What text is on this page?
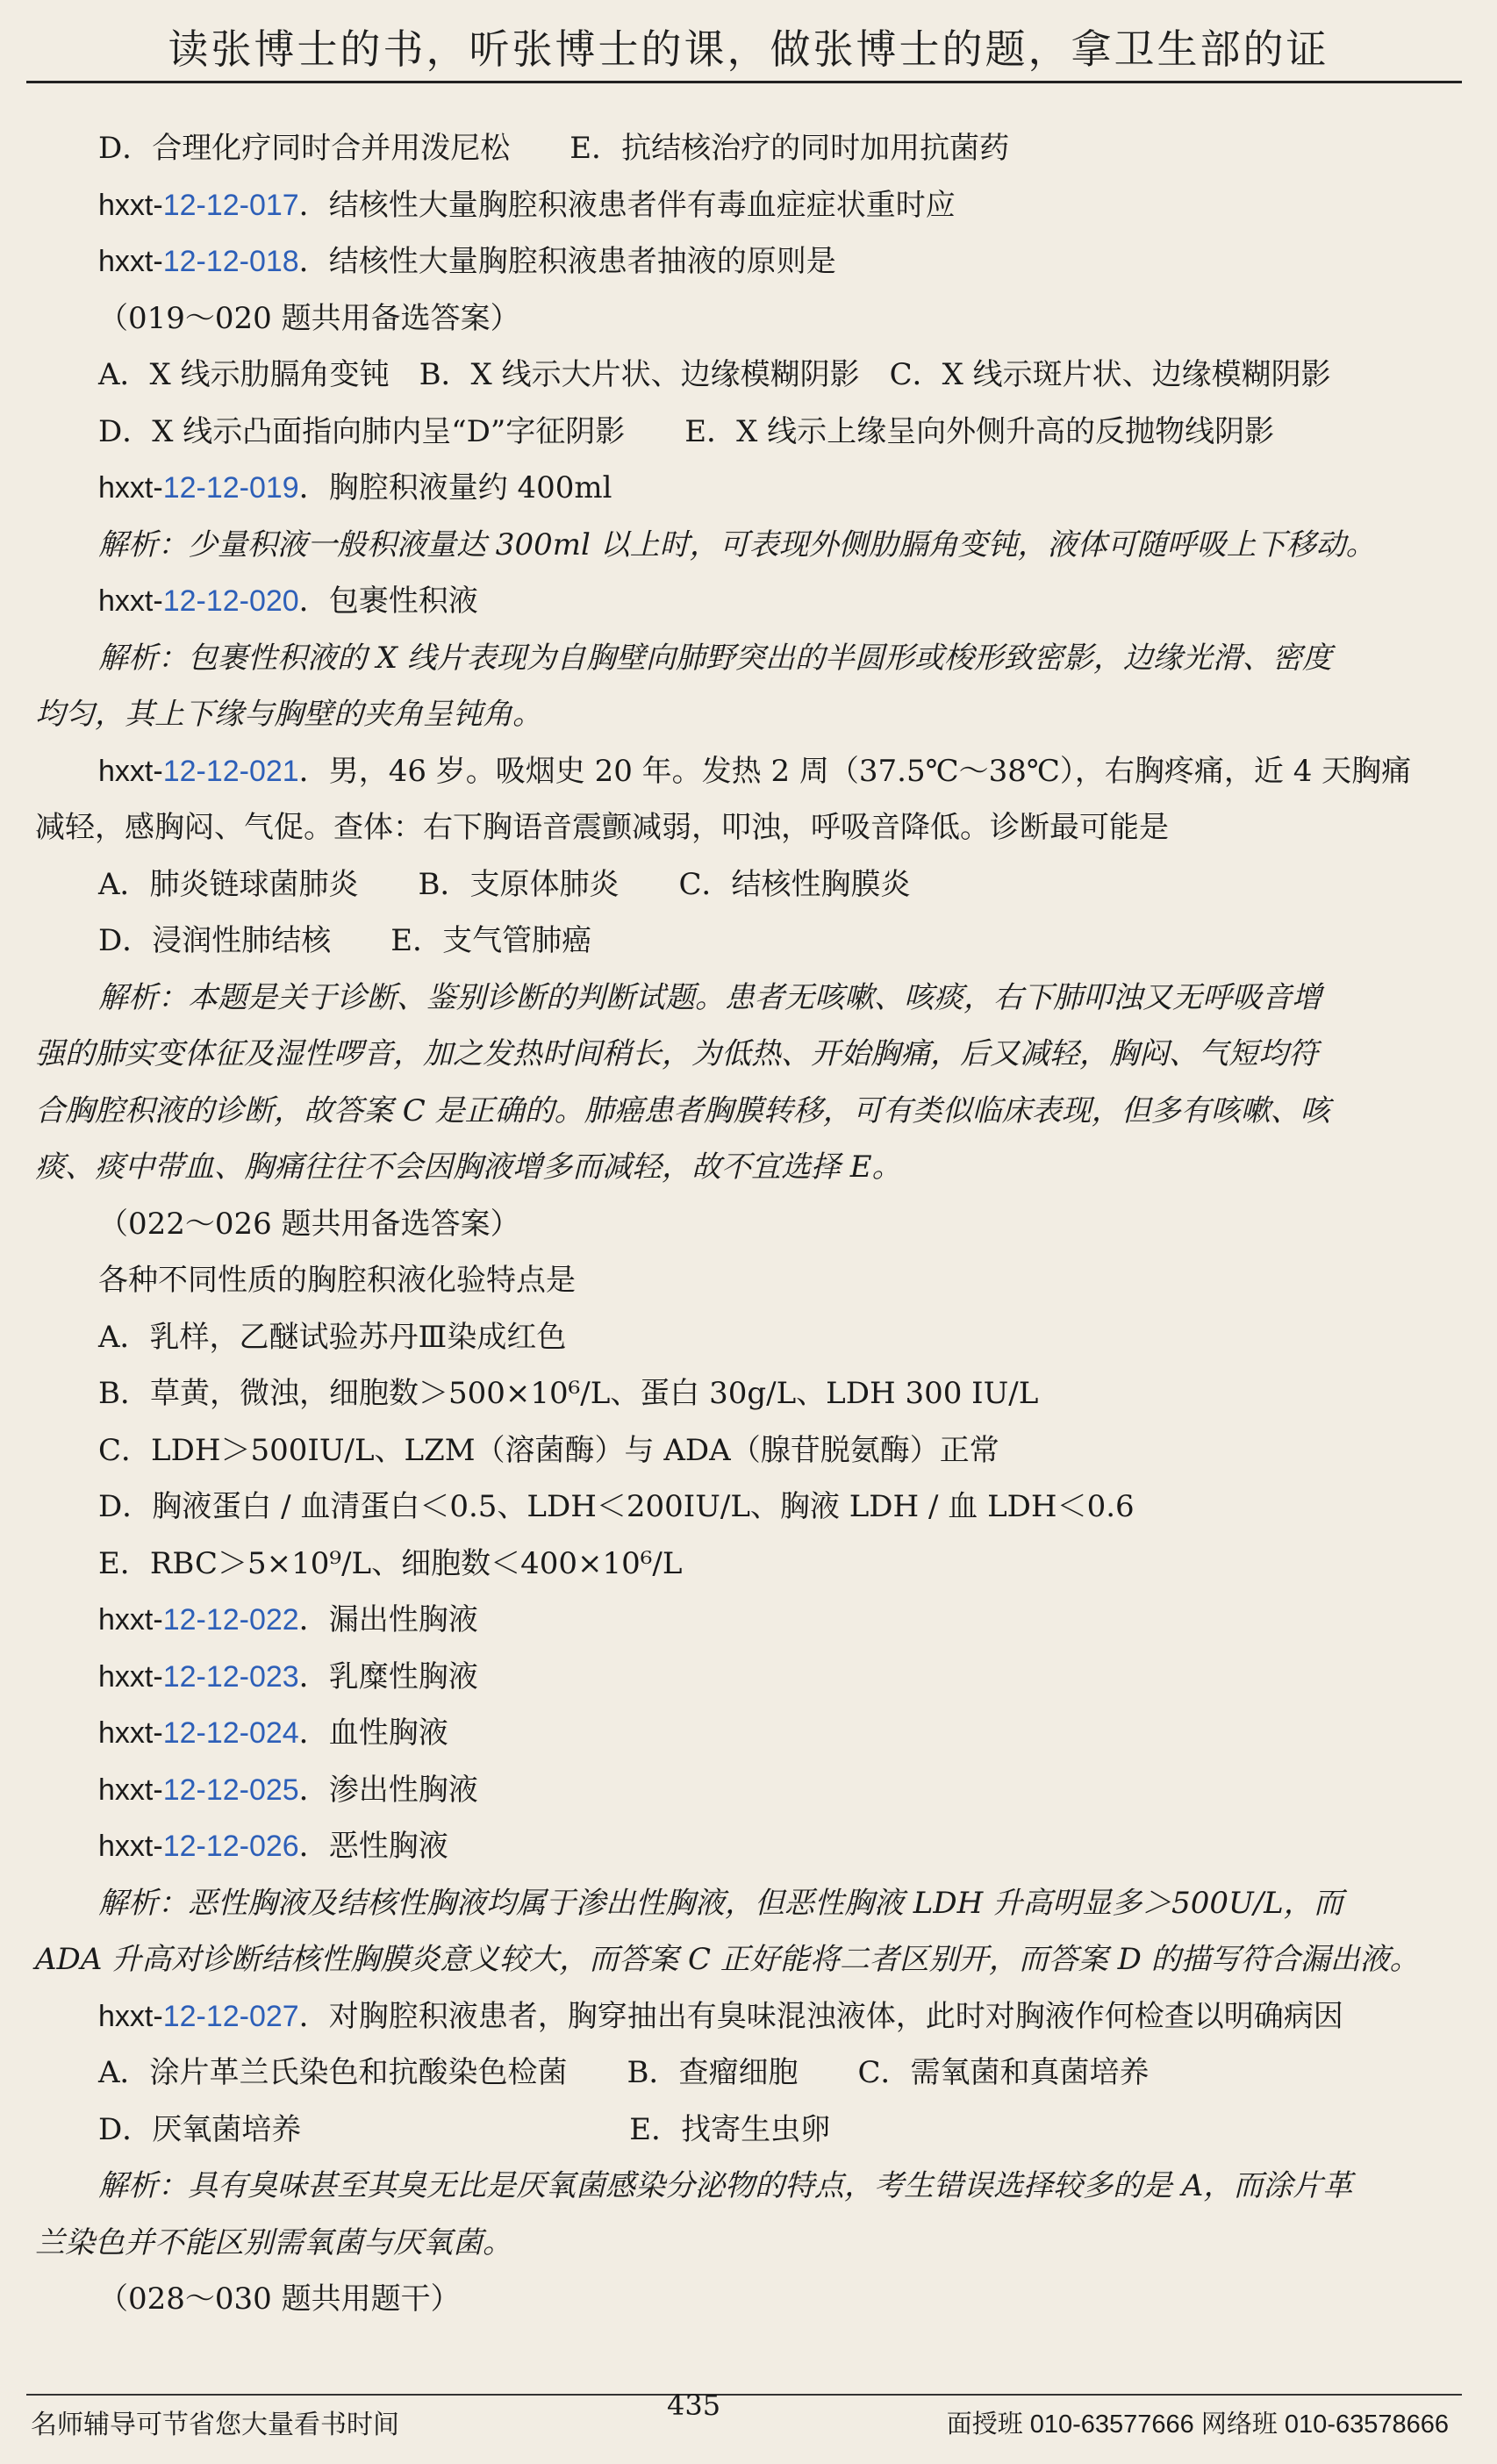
读张博士的书，听张博士的课，做张博士的题，拿卫生部的证
D．合理化疗同时合并用泼尼松　　E．抗结核治疗的同时加用抗菌药
hxxt-12-12-017．结核性大量胸腔积液患者伴有毒血症症状重时应
hxxt-12-12-018．结核性大量胸腔积液患者抽液的原则是
（019～020 题共用备选答案）
A．X 线示肋膈角变钝　B．X 线示大片状、边缘模糊阴影　C．X 线示斑片状、边缘模糊阴影
D．X 线示凸面指向肺内呈“D”字征阴影　　E．X 线示上缘呈向外侧升高的反抛物线阴影
hxxt-12-12-019．胸腔积液量约 400ml
解析：少量积液一般积液量达 300ml 以上时，可表现外侧肋膈角变钝，液体可随呼吸上下移动。
hxxt-12-12-020．包裹性积液
解析：包裹性积液的 X 线片表现为自胸壁向肺野突出的半圆形或梭形致密影，边缘光滑、密度
均匀，其上下缘与胸壁的夹角呈钝角。
hxxt-12-12-021．男，46 岁。吸烟史 20 年。发热 2 周（37.5℃～38℃），右胸疼痛，近 4 天胸痛
减轻，感胸闷、气促。查体：右下胸语音震颤减弱，叩浊，呼吸音降低。诊断最可能是
A．肺炎链球菌肺炎　　B．支原体肺炎　　C．结核性胸膜炎
D．浸润性肺结核　　E．支气管肺癌
解析：本题是关于诊断、鉴别诊断的判断试题。患者无咳嗽、咳痰，右下肺叩浊又无呼吸音增
强的肺实变体征及湿性啰音，加之发热时间稍长，为低热、开始胸痛，后又减轻，胸闷、气短均符
合胸腔积液的诊断，故答案 C 是正确的。肺癌患者胸膜转移，可有类似临床表现，但多有咳嗽、咳
痰、痰中带血、胸痛往往不会因胸液增多而减轻，故不宜选择 E。
（022～026 题共用备选答案）
各种不同性质的胸腔积液化验特点是
A．乳样，乙醚试验苏丹Ⅲ染成红色
B．草黄，微浊，细胞数＞500×10⁶/L、蛋白 30g/L、LDH 300 IU/L
C．LDH＞500IU/L、LZM（溶菌酶）与 ADA（腺苷脱氨酶）正常
D．胸液蛋白 / 血清蛋白＜0.5、LDH＜200IU/L、胸液 LDH / 血 LDH＜0.6
E．RBC＞5×10⁹/L、细胞数＜400×10⁶/L
hxxt-12-12-022．漏出性胸液
hxxt-12-12-023．乳糜性胸液
hxxt-12-12-024．血性胸液
hxxt-12-12-025．渗出性胸液
hxxt-12-12-026．恶性胸液
解析：恶性胸液及结核性胸液均属于渗出性胸液，但恶性胸液 LDH 升高明显多＞500U/L，而
ADA 升高对诊断结核性胸膜炎意义较大，而答案 C 正好能将二者区别开，而答案 D 的描写符合漏出液。
hxxt-12-12-027．对胸腔积液患者，胸穿抽出有臭味混浊液体，此时对胸液作何检查以明确病因
A．涂片革兰氏染色和抗酸染色检菌　　B．查瘤细胞　　C．需氧菌和真菌培养
D．厌氧菌培养　　　　　　　　　　　E．找寄生虫卵
解析：具有臭味甚至其臭无比是厌氧菌感染分泌物的特点，考生错误选择较多的是 A，而涂片革
兰染色并不能区别需氧菌与厌氧菌。
（028～030 题共用题干）
名师辅导可节省您大量看书时间
435
面授班 010-63577666 网络班 010-63578666
